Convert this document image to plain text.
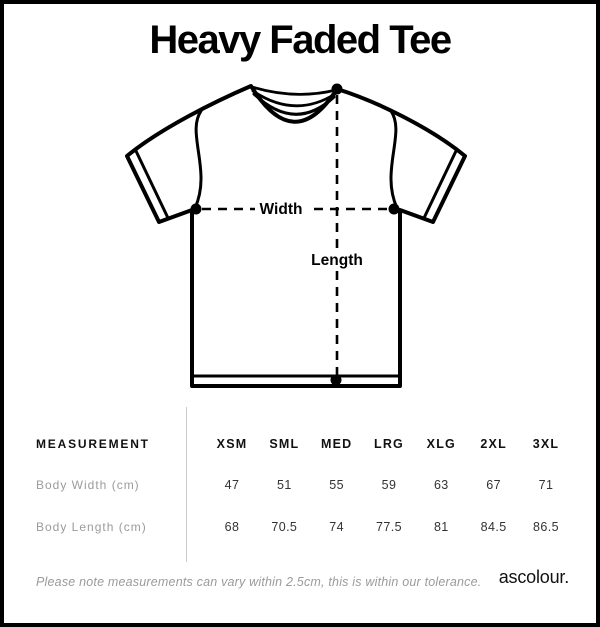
Heavy Faded Tee
Width
Length
MEASUREMENT	XSM	SML	MED	LRG	XLG	2XL	3XL
Body Width (cm)	47	51	55	59	63	67	71
Body Length (cm)	68	70.5	74	77.5	81	84.5	86.5
Please note measurements can vary within 2.5cm, this is within our tolerance. ascolour.
